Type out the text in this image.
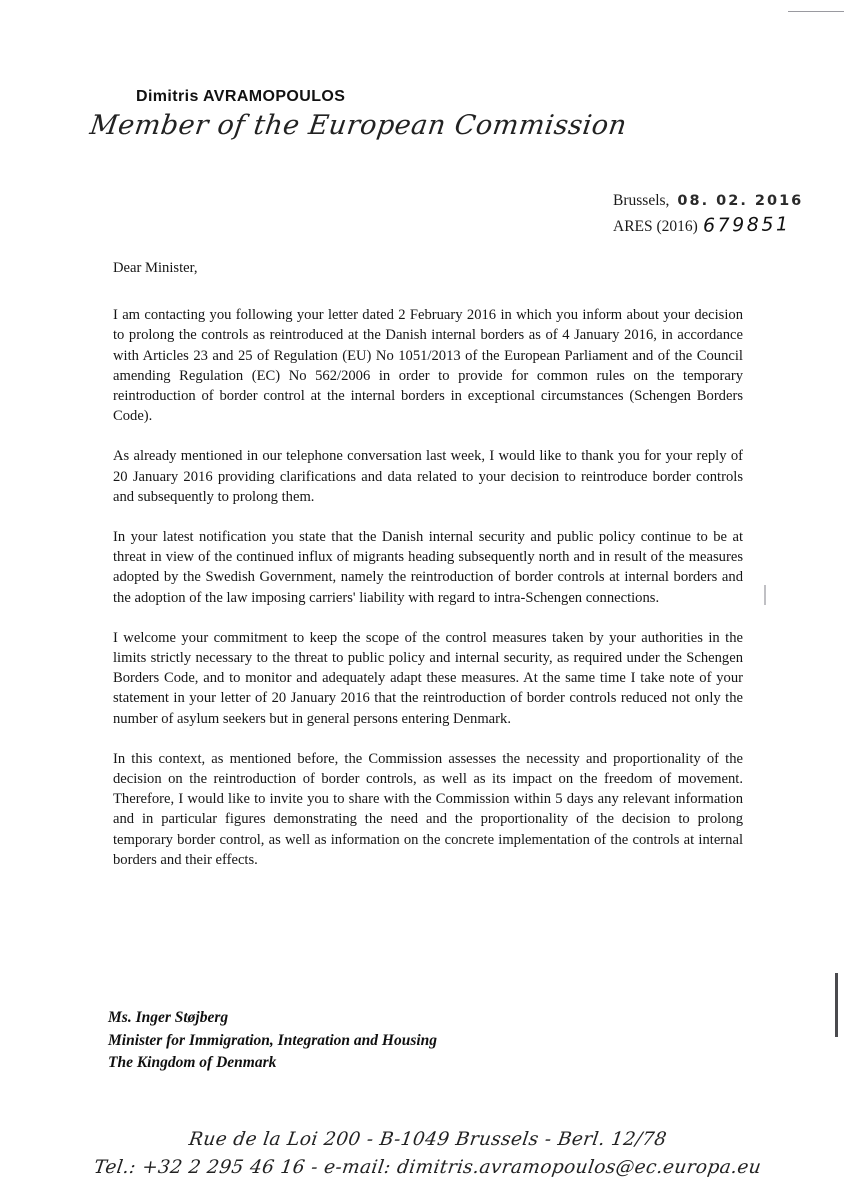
Dimitris AVRAMOPOULOS
Member of the European Commission
Brussels, 08. 02. 2016
ARES (2016) 679851

Dear Minister,

I am contacting you following your letter dated 2 February 2016 in which you inform about your decision to prolong the controls as reintroduced at the Danish internal borders as of 4 January 2016, in accordance with Articles 23 and 25 of Regulation (EU) No 1051/2013 of the European Parliament and of the Council amending Regulation (EC) No 562/2006 in order to provide for common rules on the temporary reintroduction of border control at the internal borders in exceptional circumstances (Schengen Borders Code).

As already mentioned in our telephone conversation last week, I would like to thank you for your reply of 20 January 2016 providing clarifications and data related to your decision to reintroduce border controls and subsequently to prolong them.

In your latest notification you state that the Danish internal security and public policy continue to be at threat in view of the continued influx of migrants heading subsequently north and in result of the measures adopted by the Swedish Government, namely the reintroduction of border controls at internal borders and the adoption of the law imposing carriers' liability with regard to intra-Schengen connections.

I welcome your commitment to keep the scope of the control measures taken by your authorities in the limits strictly necessary to the threat to public policy and internal security, as required under the Schengen Borders Code, and to monitor and adequately adapt these measures. At the same time I take note of your statement in your letter of 20 January 2016 that the reintroduction of border controls reduced not only the number of asylum seekers but in general persons entering Denmark.

In this context, as mentioned before, the Commission assesses the necessity and proportionality of the decision on the reintroduction of border controls, as well as its impact on the freedom of movement. Therefore, I would like to invite you to share with the Commission within 5 days any relevant information and in particular figures demonstrating the need and the proportionality of the decision to prolong temporary border control, as well as information on the concrete implementation of the controls at internal borders and their effects.

Ms. Inger Støjberg
Minister for Immigration, Integration and Housing
The Kingdom of Denmark
Rue de la Loi 200 - B-1049 Brussels - Berl. 12/78
Tel.: +32 2 295 46 16 - e-mail: dimitris.avramopoulos@ec.europa.eu
